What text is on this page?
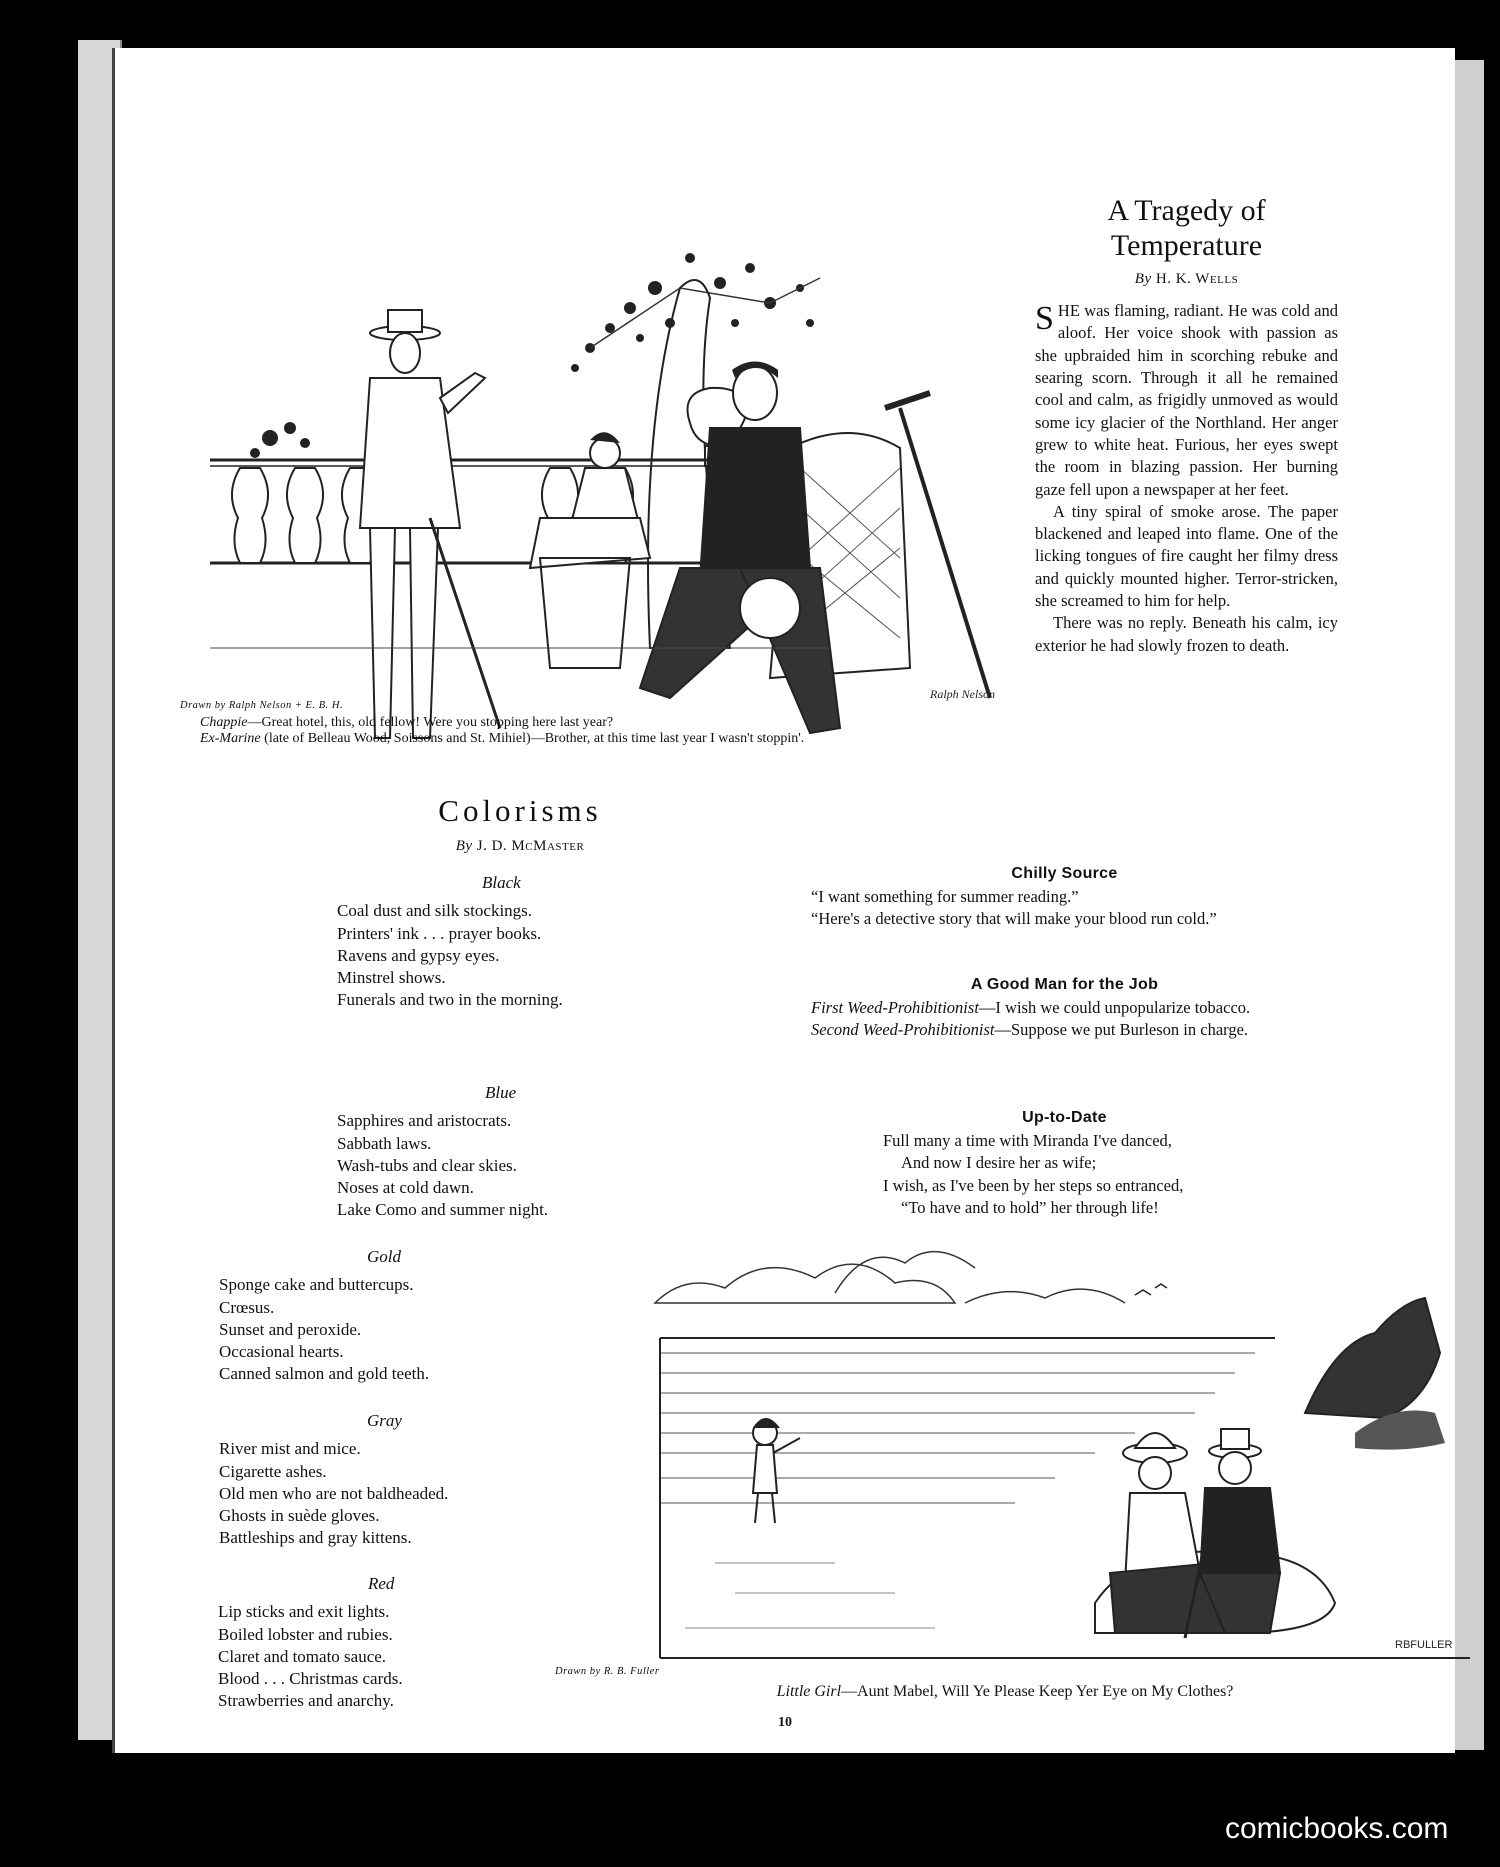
Ralph Nelson
Drawn by Ralph Nelson + E. B. H.
Chappie—Great hotel, this, old fellow! Were you stopping here last year?
Ex-Marine (late of Belleau Wood, Soissons and St. Mihiel)—Brother, at this time last year I wasn't stoppin'.
A Tragedy of
Temperature
By H. K. Wells

SHE was flaming, radiant. He was cold and aloof. Her voice shook with passion as she upbraided him in scorching rebuke and searing scorn. Through it all he remained cool and calm, as frigidly unmoved as would some icy glacier of the Northland. Her anger grew to white heat. Furious, her eyes swept the room in blazing passion. Her burning gaze fell upon a newspaper at her feet.

A tiny spiral of smoke arose. The paper blackened and leaped into flame. One of the licking tongues of fire caught her filmy dress and quickly mounted higher. Terror-stricken, she screamed to him for help.

There was no reply. Beneath his calm, icy exterior he had slowly frozen to death.

Colorisms
By J. D. McMaster
Black
Coal dust and silk stockings.
Printers' ink . . . prayer books.
Ravens and gypsy eyes.
Minstrel shows.
Funerals and two in the morning.
Blue
Sapphires and aristocrats.
Sabbath laws.
Wash-tubs and clear skies.
Noses at cold dawn.
Lake Como and summer night.
Gold
Sponge cake and buttercups.
Crœsus.
Sunset and peroxide.
Occasional hearts.
Canned salmon and gold teeth.
Gray
River mist and mice.
Cigarette ashes.
Old men who are not baldheaded.
Ghosts in suède gloves.
Battleships and gray kittens.
Red
Lip sticks and exit lights.
Boiled lobster and rubies.
Claret and tomato sauce.
Blood . . . Christmas cards.
Strawberries and anarchy.
Chilly Source

“I want something for summer reading.”

“Here's a detective story that will make your blood run cold.”

A Good Man for the Job

First Weed-Prohibitionist—I wish we could unpopularize tobacco.

Second Weed-Prohibitionist—Suppose we put Burleson in charge.

Up-to-Date
Full many a time with Miranda I've danced,
And now I desire her as wife;
I wish, as I've been by her steps so entranced,
“To have and to hold” her through life!
RBFULLER
Drawn by R. B. Fuller
Little Girl—Aunt Mabel, Will Ye Please Keep Yer Eye on My Clothes?
10
comicbooks.com
